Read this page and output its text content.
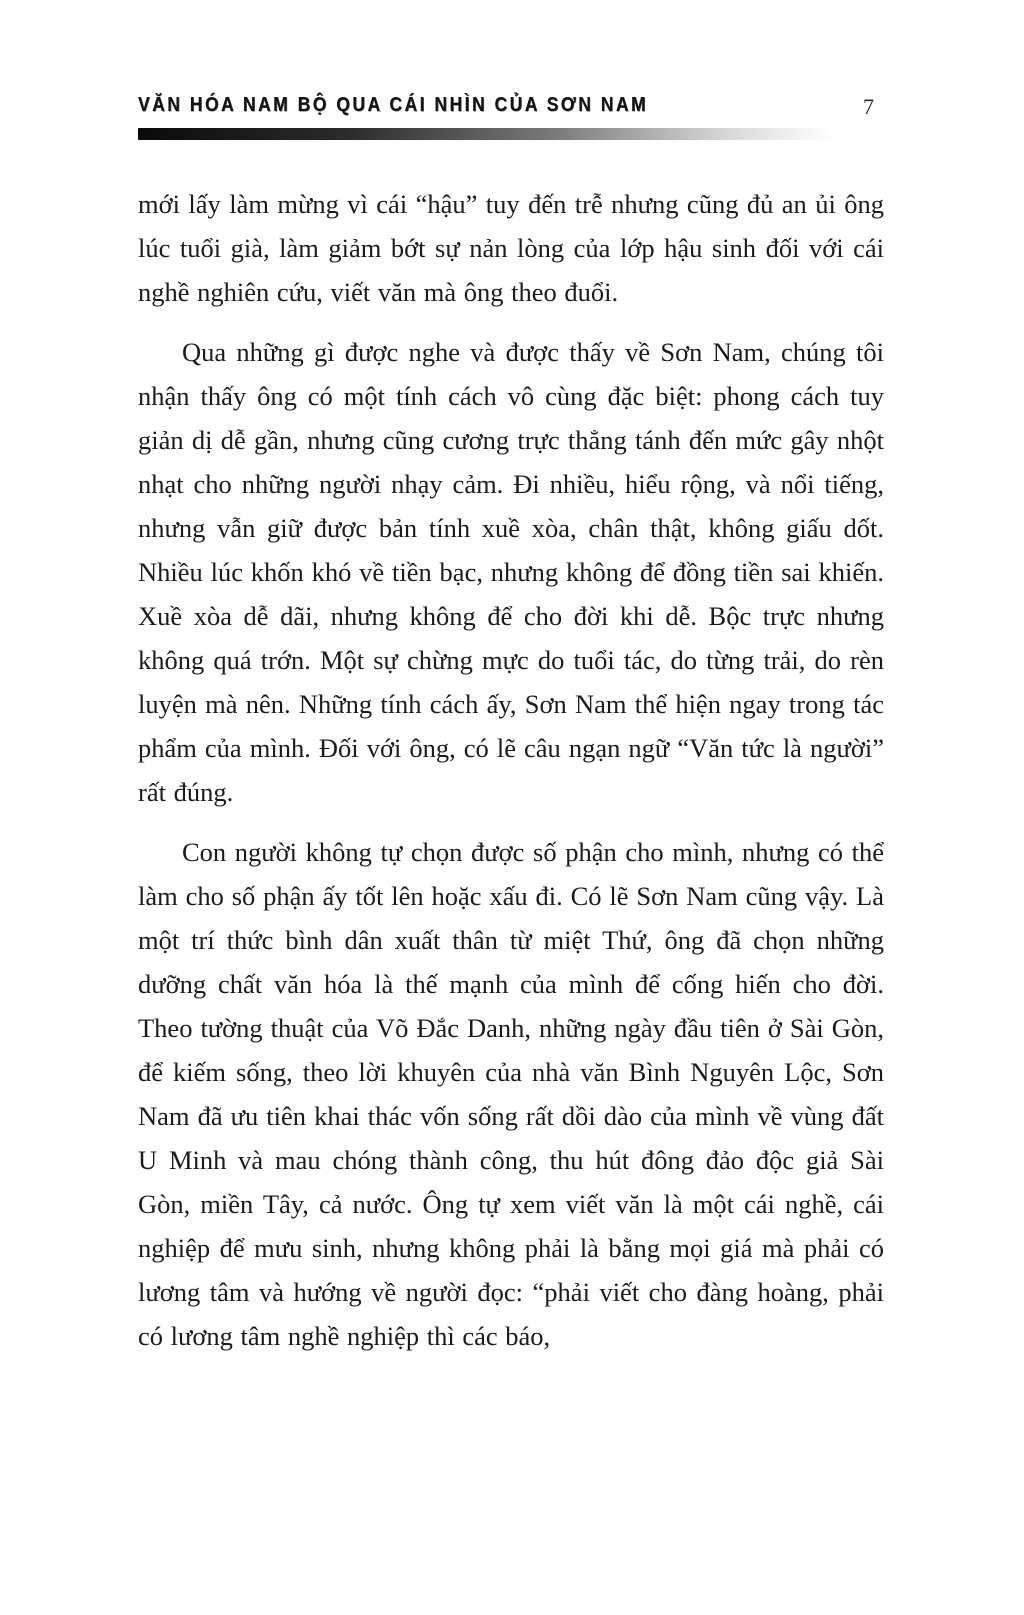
VĂN HÓA NAM BỘ QUA CÁI NHÌN CỦA SƠN NAM	7

mới lấy làm mừng vì cái “hậu” tuy đến trễ nhưng cũng đủ an ủi ông lúc tuổi già, làm giảm bớt sự nản lòng của lớp hậu sinh đối với cái nghề nghiên cứu, viết văn mà ông theo đuổi.

Qua những gì được nghe và được thấy về Sơn Nam, chúng tôi nhận thấy ông có một tính cách vô cùng đặc biệt: phong cách tuy giản dị dễ gần, nhưng cũng cương trực thẳng tánh đến mức gây nhột nhạt cho những người nhạy cảm. Đi nhiều, hiểu rộng, và nổi tiếng, nhưng vẫn giữ được bản tính xuề xòa, chân thật, không giấu dốt. Nhiều lúc khốn khó về tiền bạc, nhưng không để đồng tiền sai khiến. Xuề xòa dễ dãi, nhưng không để cho đời khi dễ. Bộc trực nhưng không quá trớn. Một sự chừng mực do tuổi tác, do từng trải, do rèn luyện mà nên. Những tính cách ấy, Sơn Nam thể hiện ngay trong tác phẩm của mình. Đối với ông, có lẽ câu ngạn ngữ “Văn tức là người” rất đúng.

Con người không tự chọn được số phận cho mình, nhưng có thể làm cho số phận ấy tốt lên hoặc xấu đi. Có lẽ Sơn Nam cũng vậy. Là một trí thức bình dân xuất thân từ miệt Thứ, ông đã chọn những dưỡng chất văn hóa là thế mạnh của mình để cống hiến cho đời. Theo tường thuật của Võ Đắc Danh, những ngày đầu tiên ở Sài Gòn, để kiếm sống, theo lời khuyên của nhà văn Bình Nguyên Lộc, Sơn Nam đã ưu tiên khai thác vốn sống rất dồi dào của mình về vùng đất U Minh và mau chóng thành công, thu hút đông đảo độc giả Sài Gòn, miền Tây, cả nước. Ông tự xem viết văn là một cái nghề, cái nghiệp để mưu sinh, nhưng không phải là bằng mọi giá mà phải có lương tâm và hướng về người đọc: “phải viết cho đàng hoàng, phải có lương tâm nghề nghiệp thì các báo,
